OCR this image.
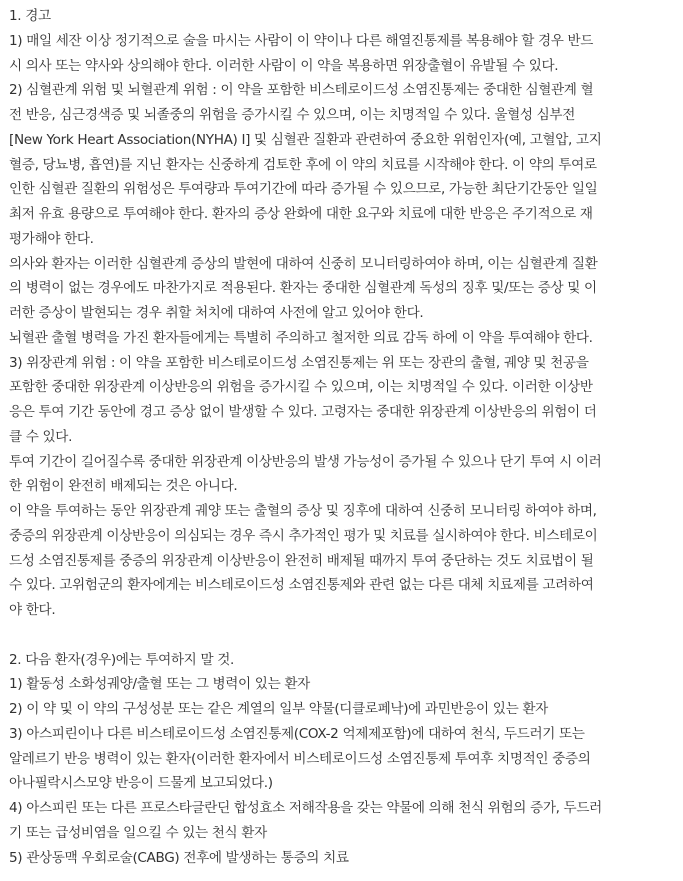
1. 경고
1) 매일 세잔 이상 정기적으로 술을 마시는 사람이 이 약이나 다른 해열진통제를 복용해야 할 경우 반드
시 의사 또는 약사와 상의해야 한다. 이러한 사람이 이 약을 복용하면 위장출혈이 유발될 수 있다.
2) 심혈관계 위험 및 뇌혈관계 위험 : 이 약을 포함한 비스테로이드성 소염진통제는 중대한 심혈관계 혈
전 반응, 심근경색증 및 뇌졸중의 위험을 증가시킬 수 있으며, 이는 치명적일 수 있다. 울혈성 심부전
[New York Heart Association(NYHA) Ⅰ] 및 심혈관 질환과 관련하여 중요한 위험인자(예, 고혈압, 고지
혈증, 당뇨병, 흡연)를 지닌 환자는 신중하게 검토한 후에 이 약의 치료를 시작해야 한다. 이 약의 투여로
인한 심혈관 질환의 위험성은 투여량과 투여기간에 따라 증가될 수 있으므로, 가능한 최단기간동안 일일
최저 유효 용량으로 투여해야 한다. 환자의 증상 완화에 대한 요구와 치료에 대한 반응은 주기적으로 재
평가해야 한다.
의사와 환자는 이러한 심혈관계 증상의 발현에 대하여 신중히 모니터링하여야 하며, 이는 심혈관계 질환
의 병력이 없는 경우에도 마찬가지로 적용된다. 환자는 중대한 심혈관계 독성의 징후 및/또는 증상 및 이
러한 증상이 발현되는 경우 취할 처치에 대하여 사전에 알고 있어야 한다.
뇌혈관 출혈 병력을 가진 환자들에게는 특별히 주의하고 철저한 의료 감독 하에 이 약을 투여해야 한다.
3) 위장관계 위험 : 이 약을 포함한 비스테로이드성 소염진통제는 위 또는 장관의 출혈, 궤양 및 천공을
포함한 중대한 위장관계 이상반응의 위험을 증가시킬 수 있으며, 이는 치명적일 수 있다. 이러한 이상반
응은 투여 기간 동안에 경고 증상 없이 발생할 수 있다. 고령자는 중대한 위장관계 이상반응의 위험이 더
클 수 있다.
투여 기간이 길어질수록 중대한 위장관계 이상반응의 발생 가능성이 증가될 수 있으나 단기 투여 시 이러
한 위험이 완전히 배제되는 것은 아니다.
이 약을 투여하는 동안 위장관계 궤양 또는 출혈의 증상 및 징후에 대하여 신중히 모니터링 하여야 하며,
중증의 위장관계 이상반응이 의심되는 경우 즉시 추가적인 평가 및 치료를 실시하여야 한다. 비스테로이
드성 소염진통제를 중증의 위장관계 이상반응이 완전히 배제될 때까지 투여 중단하는 것도 치료법이 될
수 있다. 고위험군의 환자에게는 비스테로이드성 소염진통제와 관련 없는 다른 대체 치료제를 고려하여
야 한다.
2. 다음 환자(경우)에는 투여하지 말 것.
1) 활동성 소화성궤양/출혈 또는 그 병력이 있는 환자
2) 이 약 및 이 약의 구성성분 또는 같은 계열의 일부 약물(디클로페낙)에 과민반응이 있는 환자
3) 아스피린이나 다른 비스테로이드성 소염진통제(COX-2 억제제포함)에 대하여 천식, 두드러기 또는
알레르기 반응 병력이 있는 환자(이러한 환자에서 비스테로이드성 소염진통제 투여후 치명적인 중증의
아나필락시스모양 반응이 드물게 보고되었다.)
4) 아스피린 또는 다른 프로스타글란딘 합성효소 저해작용을 갖는 약물에 의해 천식 위험의 증가, 두드러
기 또는 급성비염을 일으킬 수 있는 천식 환자
5) 관상동맥 우회로술(CABG) 전후에 발생하는 통증의 치료
